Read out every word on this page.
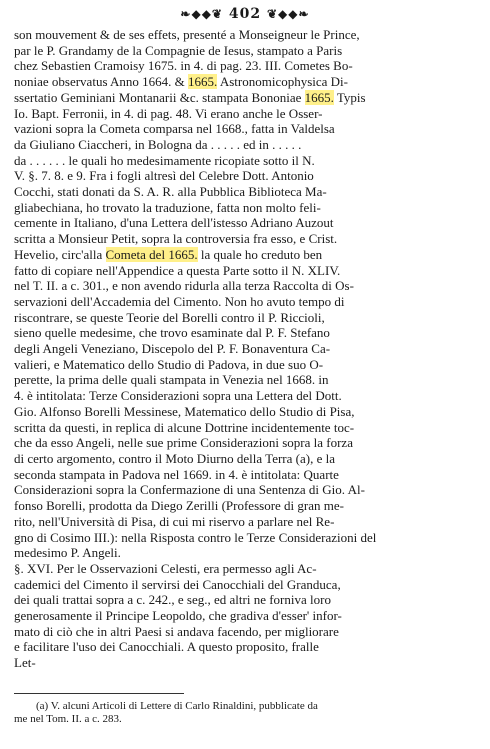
❧◆◆❦ 402 ❦◆◆❧
son mouvement & de ses effets, presenté a Monseigneur le Prince,
par le P. Grandamy de la Compagnie de Iesus, stampato a Paris
chez Sebastien Cramoisy 1675. in 4. di pag. 23. III. Cometes Bo-
noniae observatus Anno 1664. & 1665. Astronomicophysica Di-
ssertatio Geminiani Montanarii &c. stampata Bononiae 1665. Typis
Io. Bapt. Ferronii, in 4. di pag. 48. Vi erano anche le Osser-
vazioni sopra la Cometa comparsa nel 1668., fatta in Valdelsa
da Giuliano Ciaccheri, in Bologna da . . . . . ed in . . . . .
da . . . . . . le quali ho medesimamente ricopiate sotto il N.
V. §. 7. 8. e 9. Fra i fogli altresì del Celebre Dott. Antonio
Cocchi, stati donati da S. A. R. alla Pubblica Biblioteca Ma-
gliabechiana, ho trovato la traduzione, fatta non molto feli-
cemente in Italiano, d'una Lettera dell'istesso Adriano Auzout
scritta a Monsieur Petit, sopra la controversia fra esso, e Crist.
Hevelio, circ'alla Cometa del 1665. la quale ho creduto ben
fatto di copiare nell'Appendice a questa Parte sotto il N. XLIV.
nel T. II. a c. 301., e non avendo ridurla alla terza Raccolta di Os-
servazioni dell'Accademia del Cimento. Non ho avuto tempo di
riscontrare, se queste Teorie del Borelli contro il P. Riccioli,
sieno quelle medesime, che trovo esaminate dal P. F. Stefano
degli Angeli Veneziano, Discepolo del P. F. Bonaventura Ca-
valieri, e Matematico dello Studio di Padova, in due suo O-
perette, la prima delle quali stampata in Venezia nel 1668. in
4. è intitolata: Terze Considerazioni sopra una Lettera del Dott.
Gio. Alfonso Borelli Messinese, Matematico dello Studio di Pisa,
scritta da questi, in replica di alcune Dottrine incidentemente toc-
che da esso Angeli, nelle sue prime Considerazioni sopra la forza
di certo argomento, contro il Moto Diurno della Terra (a), e la
seconda stampata in Padova nel 1669. in 4. è intitolata: Quarte
Considerazioni sopra la Confermazione di una Sentenza di Gio. Al-
fonso Borelli, prodotta da Diego Zerilli (Professore di gran me-
rito, nell'Università di Pisa, di cui mi riservo a parlare nel Re-
gno di Cosimo III.): nella Risposta contro le Terze Considerazioni del
medesimo P. Angeli.
§. XVI. Per le Osservazioni Celesti, era permesso agli Ac-
cademici del Cimento il servirsi dei Canocchiali del Granduca,
dei quali trattai sopra a c. 242., e seg., ed altri ne forniva loro
generosamente il Principe Leopoldo, che gradiva d'esser' infor-
mato di ciò che in altri Paesi si andava facendo, per migliorare
e facilitare l'uso dei Canocchiali. A questo proposito, fralle
Let-
(a) V. alcuni Articoli di Lettere di Carlo Rinaldini, pubblicate da
me nel Tom. II. a c. 283.
